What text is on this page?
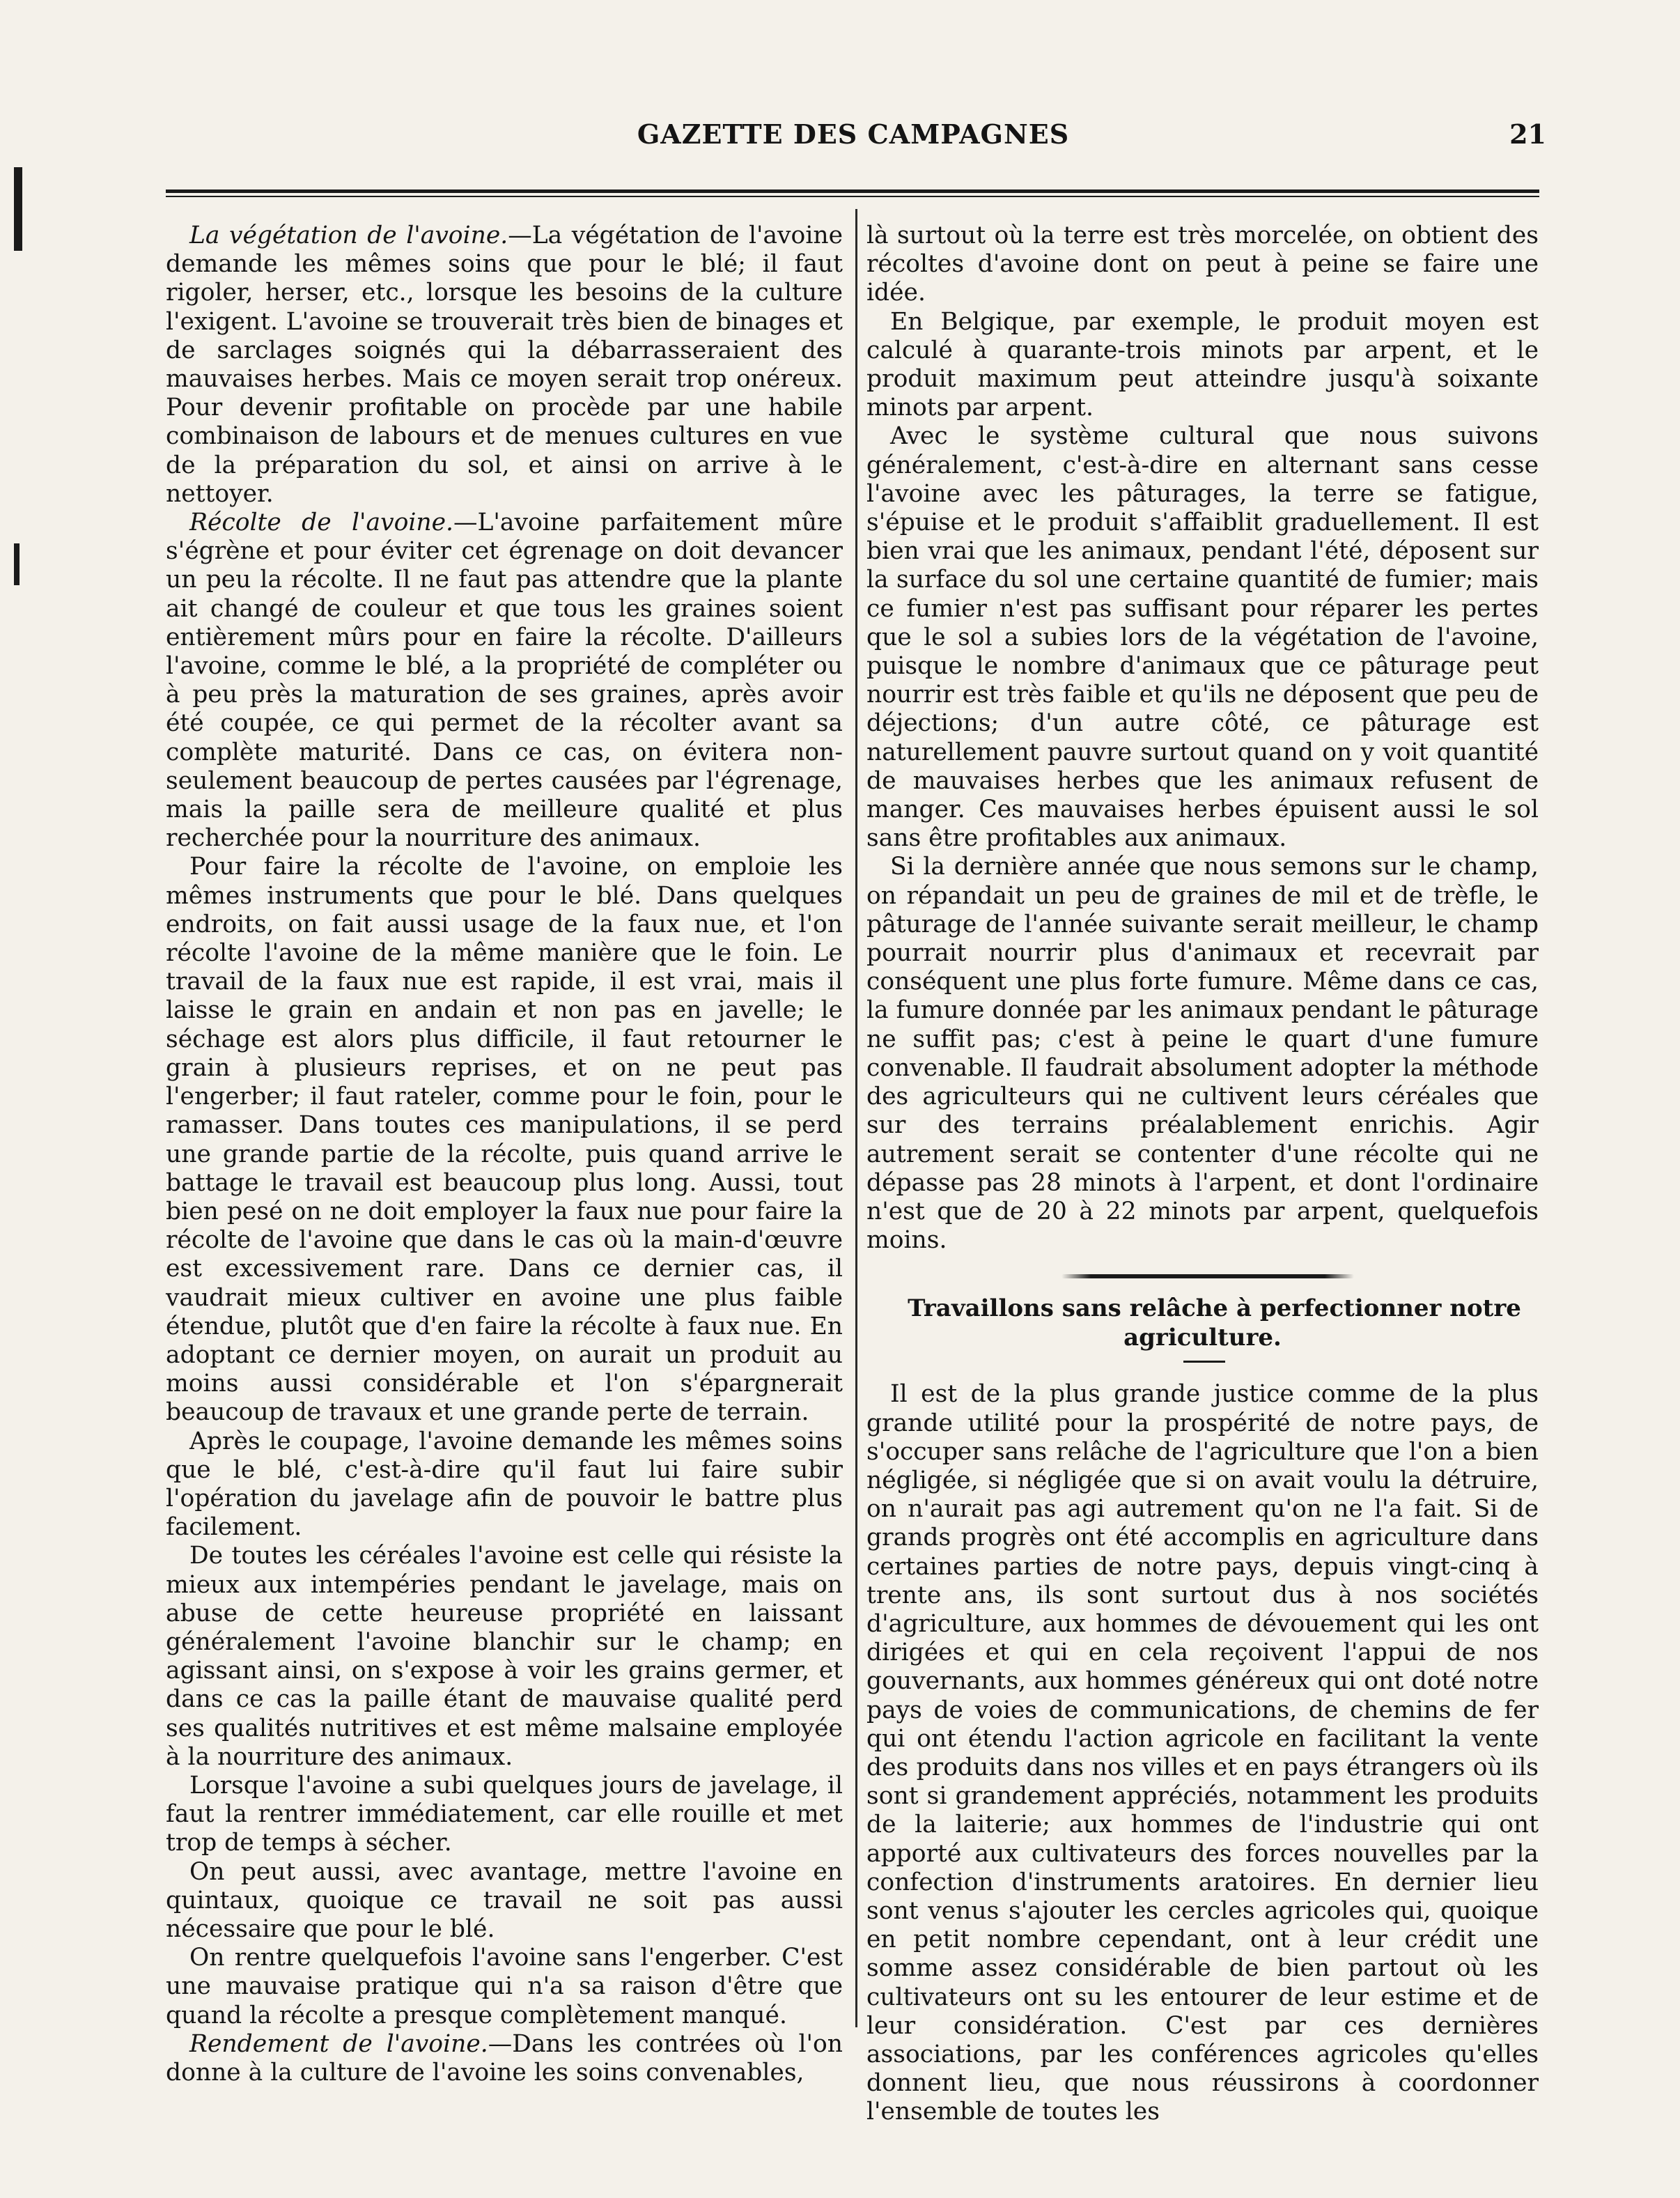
GAZETTE DES CAMPAGNES	21

La végétation de l'avoine.—La végétation de l'avoine demande les mêmes soins que pour le blé; il faut rigoler, herser, etc., lorsque les besoins de la culture l'exigent. L'avoine se trouverait très bien de binages et de sarclages soignés qui la débarrasseraient des mauvaises herbes. Mais ce moyen serait trop onéreux. Pour devenir profitable on procède par une habile combinaison de labours et de menues cultures en vue de la préparation du sol, et ainsi on arrive à le nettoyer.

Récolte de l'avoine.—L'avoine parfaitement mûre s'égrène et pour éviter cet égrenage on doit devancer un peu la récolte. Il ne faut pas attendre que la plante ait changé de couleur et que tous les graines soient entièrement mûrs pour en faire la récolte. D'ailleurs l'avoine, comme le blé, a la propriété de compléter ou à peu près la maturation de ses graines, après avoir été coupée, ce qui permet de la récolter avant sa complète maturité. Dans ce cas, on évitera non-seulement beaucoup de pertes causées par l'égrenage, mais la paille sera de meilleure qualité et plus recherchée pour la nourriture des animaux.

Pour faire la récolte de l'avoine, on emploie les mêmes instruments que pour le blé. Dans quelques endroits, on fait aussi usage de la faux nue, et l'on récolte l'avoine de la même manière que le foin. Le travail de la faux nue est rapide, il est vrai, mais il laisse le grain en andain et non pas en javelle; le séchage est alors plus difficile, il faut retourner le grain à plusieurs reprises, et on ne peut pas l'engerber; il faut rateler, comme pour le foin, pour le ramasser. Dans toutes ces manipulations, il se perd une grande partie de la récolte, puis quand arrive le battage le travail est beaucoup plus long. Aussi, tout bien pesé on ne doit employer la faux nue pour faire la récolte de l'avoine que dans le cas où la main-d'œuvre est excessivement rare. Dans ce dernier cas, il vaudrait mieux cultiver en avoine une plus faible étendue, plutôt que d'en faire la récolte à faux nue. En adoptant ce dernier moyen, on aurait un produit au moins aussi considérable et l'on s'épargnerait beaucoup de travaux et une grande perte de terrain.

Après le coupage, l'avoine demande les mêmes soins que le blé, c'est-à-dire qu'il faut lui faire subir l'opération du javelage afin de pouvoir le battre plus facilement.

De toutes les céréales l'avoine est celle qui résiste la mieux aux intempéries pendant le javelage, mais on abuse de cette heureuse propriété en laissant généralement l'avoine blanchir sur le champ; en agissant ainsi, on s'expose à voir les grains germer, et dans ce cas la paille étant de mauvaise qualité perd ses qualités nutritives et est même malsaine employée à la nourriture des animaux.

Lorsque l'avoine a subi quelques jours de javelage, il faut la rentrer immédiatement, car elle rouille et met trop de temps à sécher.

On peut aussi, avec avantage, mettre l'avoine en quintaux, quoique ce travail ne soit pas aussi nécessaire que pour le blé.

On rentre quelquefois l'avoine sans l'engerber. C'est une mauvaise pratique qui n'a sa raison d'être que quand la récolte a presque complètement manqué.

Rendement de l'avoine.—Dans les contrées où l'on donne à la culture de l'avoine les soins convenables,

là surtout où la terre est très morcelée, on obtient des récoltes d'avoine dont on peut à peine se faire une idée.

En Belgique, par exemple, le produit moyen est calculé à quarante-trois minots par arpent, et le produit maximum peut atteindre jusqu'à soixante minots par arpent.

Avec le système cultural que nous suivons généralement, c'est-à-dire en alternant sans cesse l'avoine avec les pâturages, la terre se fatigue, s'épuise et le produit s'affaiblit graduellement. Il est bien vrai que les animaux, pendant l'été, déposent sur la surface du sol une certaine quantité de fumier; mais ce fumier n'est pas suffisant pour réparer les pertes que le sol a subies lors de la végétation de l'avoine, puisque le nombre d'animaux que ce pâturage peut nourrir est très faible et qu'ils ne déposent que peu de déjections; d'un autre côté, ce pâturage est naturellement pauvre surtout quand on y voit quantité de mauvaises herbes que les animaux refusent de manger. Ces mauvaises herbes épuisent aussi le sol sans être profitables aux animaux.

Si la dernière année que nous semons sur le champ, on répandait un peu de graines de mil et de trèfle, le pâturage de l'année suivante serait meilleur, le champ pourrait nourrir plus d'animaux et recevrait par conséquent une plus forte fumure. Même dans ce cas, la fumure donnée par les animaux pendant le pâturage ne suffit pas; c'est à peine le quart d'une fumure convenable. Il faudrait absolument adopter la méthode des agriculteurs qui ne cultivent leurs céréales que sur des terrains préalablement enrichis. Agir autrement serait se contenter d'une récolte qui ne dépasse pas 28 minots à l'arpent, et dont l'ordinaire n'est que de 20 à 22 minots par arpent, quelquefois moins.

Travaillons sans relâche à perfectionner notre agriculture.

Il est de la plus grande justice comme de la plus grande utilité pour la prospérité de notre pays, de s'occuper sans relâche de l'agriculture que l'on a bien négligée, si négligée que si on avait voulu la détruire, on n'aurait pas agi autrement qu'on ne l'a fait. Si de grands progrès ont été accomplis en agriculture dans certaines parties de notre pays, depuis vingt-cinq à trente ans, ils sont surtout dus à nos sociétés d'agriculture, aux hommes de dévouement qui les ont dirigées et qui en cela reçoivent l'appui de nos gouvernants, aux hommes généreux qui ont doté notre pays de voies de communications, de chemins de fer qui ont étendu l'action agricole en facilitant la vente des produits dans nos villes et en pays étrangers où ils sont si grandement appréciés, notamment les produits de la laiterie; aux hommes de l'industrie qui ont apporté aux cultivateurs des forces nouvelles par la confection d'instruments aratoires. En dernier lieu sont venus s'ajouter les cercles agricoles qui, quoique en petit nombre cependant, ont à leur crédit une somme assez considérable de bien partout où les cultivateurs ont su les entourer de leur estime et de leur considération. C'est par ces dernières associations, par les conférences agricoles qu'elles donnent lieu, que nous réussirons à coordonner l'ensemble de toutes les
